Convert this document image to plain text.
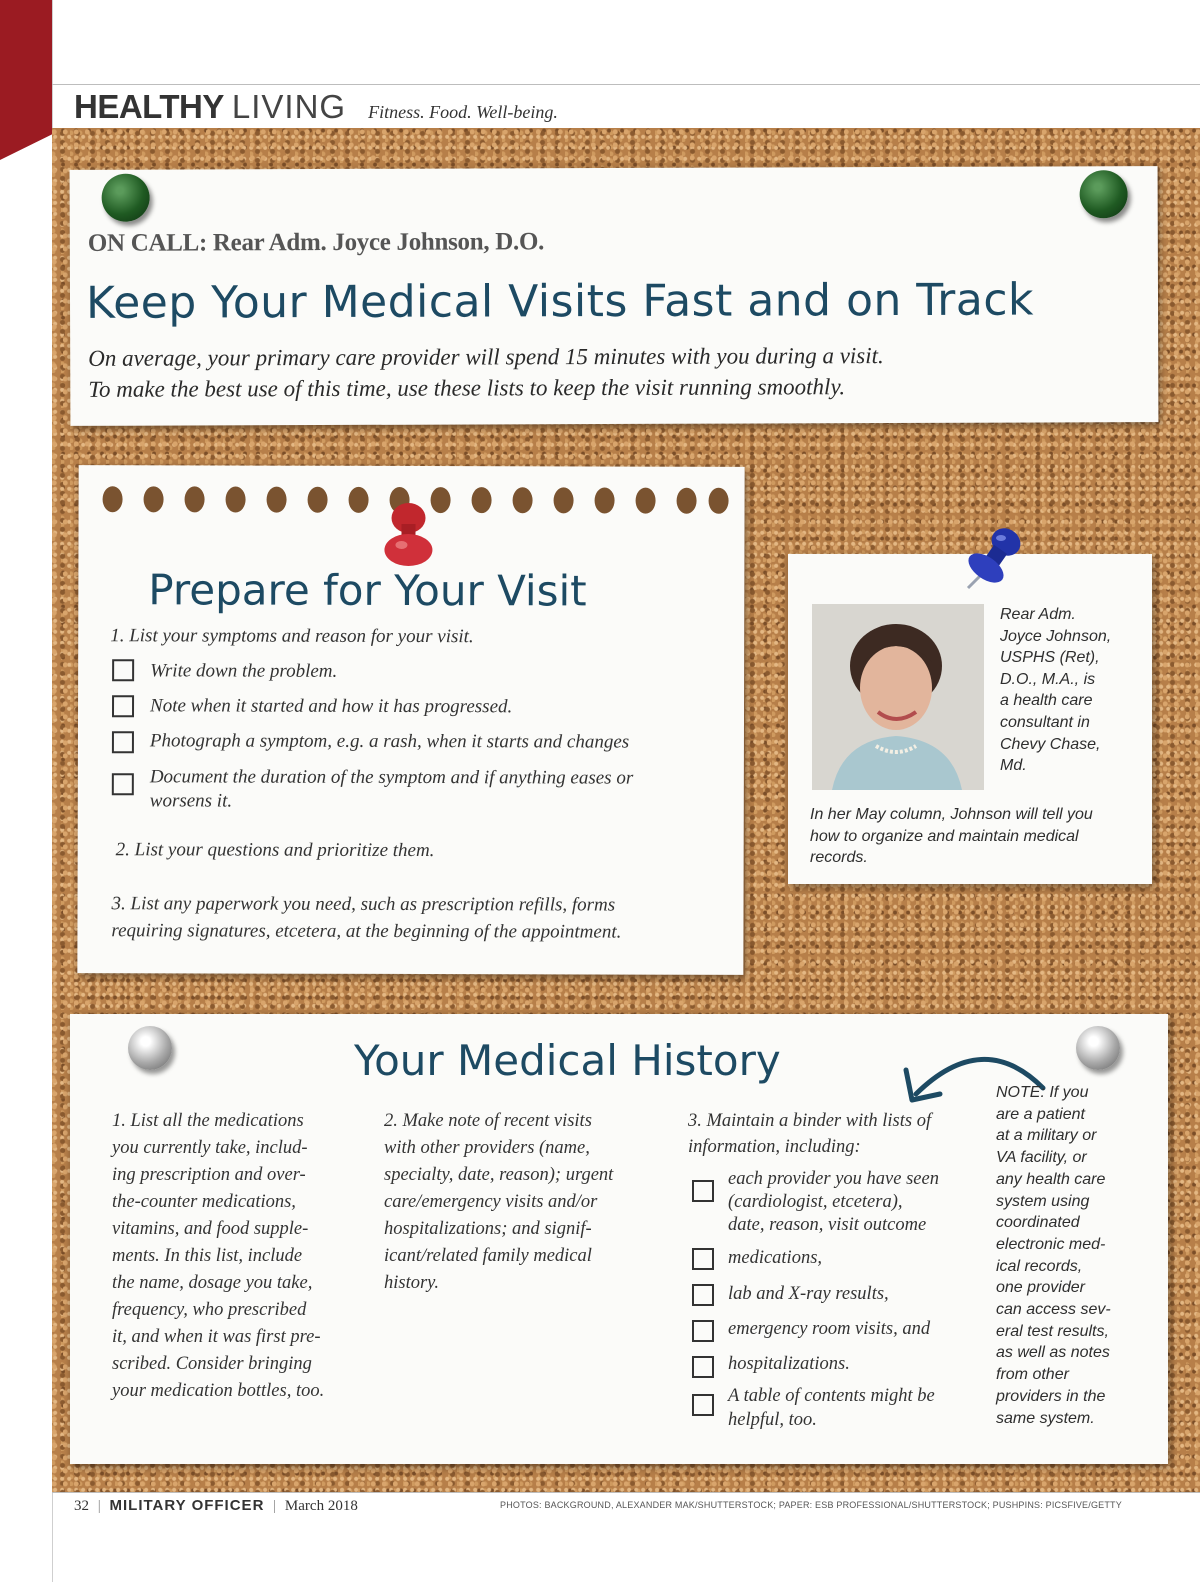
HEALTHY LIVING Fitness. Food. Well-being.
ON CALL: Rear Adm. Joyce Johnson, D.O.
Keep Your Medical Visits Fast and on Track
On average, your primary care provider will spend 15 minutes with you during a visit.
To make the best use of this time, use these lists to keep the visit running smoothly.
Prepare for Your Visit
1. List your symptoms and reason for your visit.
Write down the problem.
Note when it started and how it has progressed.
Photograph a symptom, e.g. a rash, when it starts and changes
Document the duration of the symptom and if anything eases or worsens it.
2. List your questions and prioritize them.
3. List any paperwork you need, such as prescription refills, forms
requiring signatures, etcetera, at the beginning of the appointment.
Rear Adm.
Joyce Johnson,
USPHS (Ret),
D.O., M.A., is
a health care
consultant in
Chevy Chase,
Md.
In her May column, Johnson will tell you
how to organize and maintain medical
records.
Your Medical History
1. List all the medications
you currently take, includ-
ing prescription and over-
the-counter medications,
vitamins, and food supple-
ments. In this list, include
the name, dosage you take,
frequency, who prescribed
it, and when it was first pre-
scribed. Consider bringing
your medication bottles, too.
2. Make note of recent visits
with other providers (name,
specialty, date, reason); urgent
care/emergency visits and/or
hospitalizations; and signif-
icant/related family medical
history.
3. Maintain a binder with lists of
information, including:
each provider you have seen
(cardiologist, etcetera),
date, reason, visit outcome
medications,
lab and X-ray results,
emergency room visits, and
hospitalizations.
A table of contents might be
helpful, too.
NOTE: If you
are a patient
at a military or
VA facility, or
any health care
system using
coordinated
electronic med-
ical records,
one provider
can access sev-
eral test results,
as well as notes
from other
providers in the
same system.
32 | MILITARY OFFICER | March 2018	PHOTOS: BACKGROUND, ALEXANDER MAK/SHUTTERSTOCK; PAPER: ESB PROFESSIONAL/SHUTTERSTOCK; PUSHPINS: PICSFIVE/GETTY
